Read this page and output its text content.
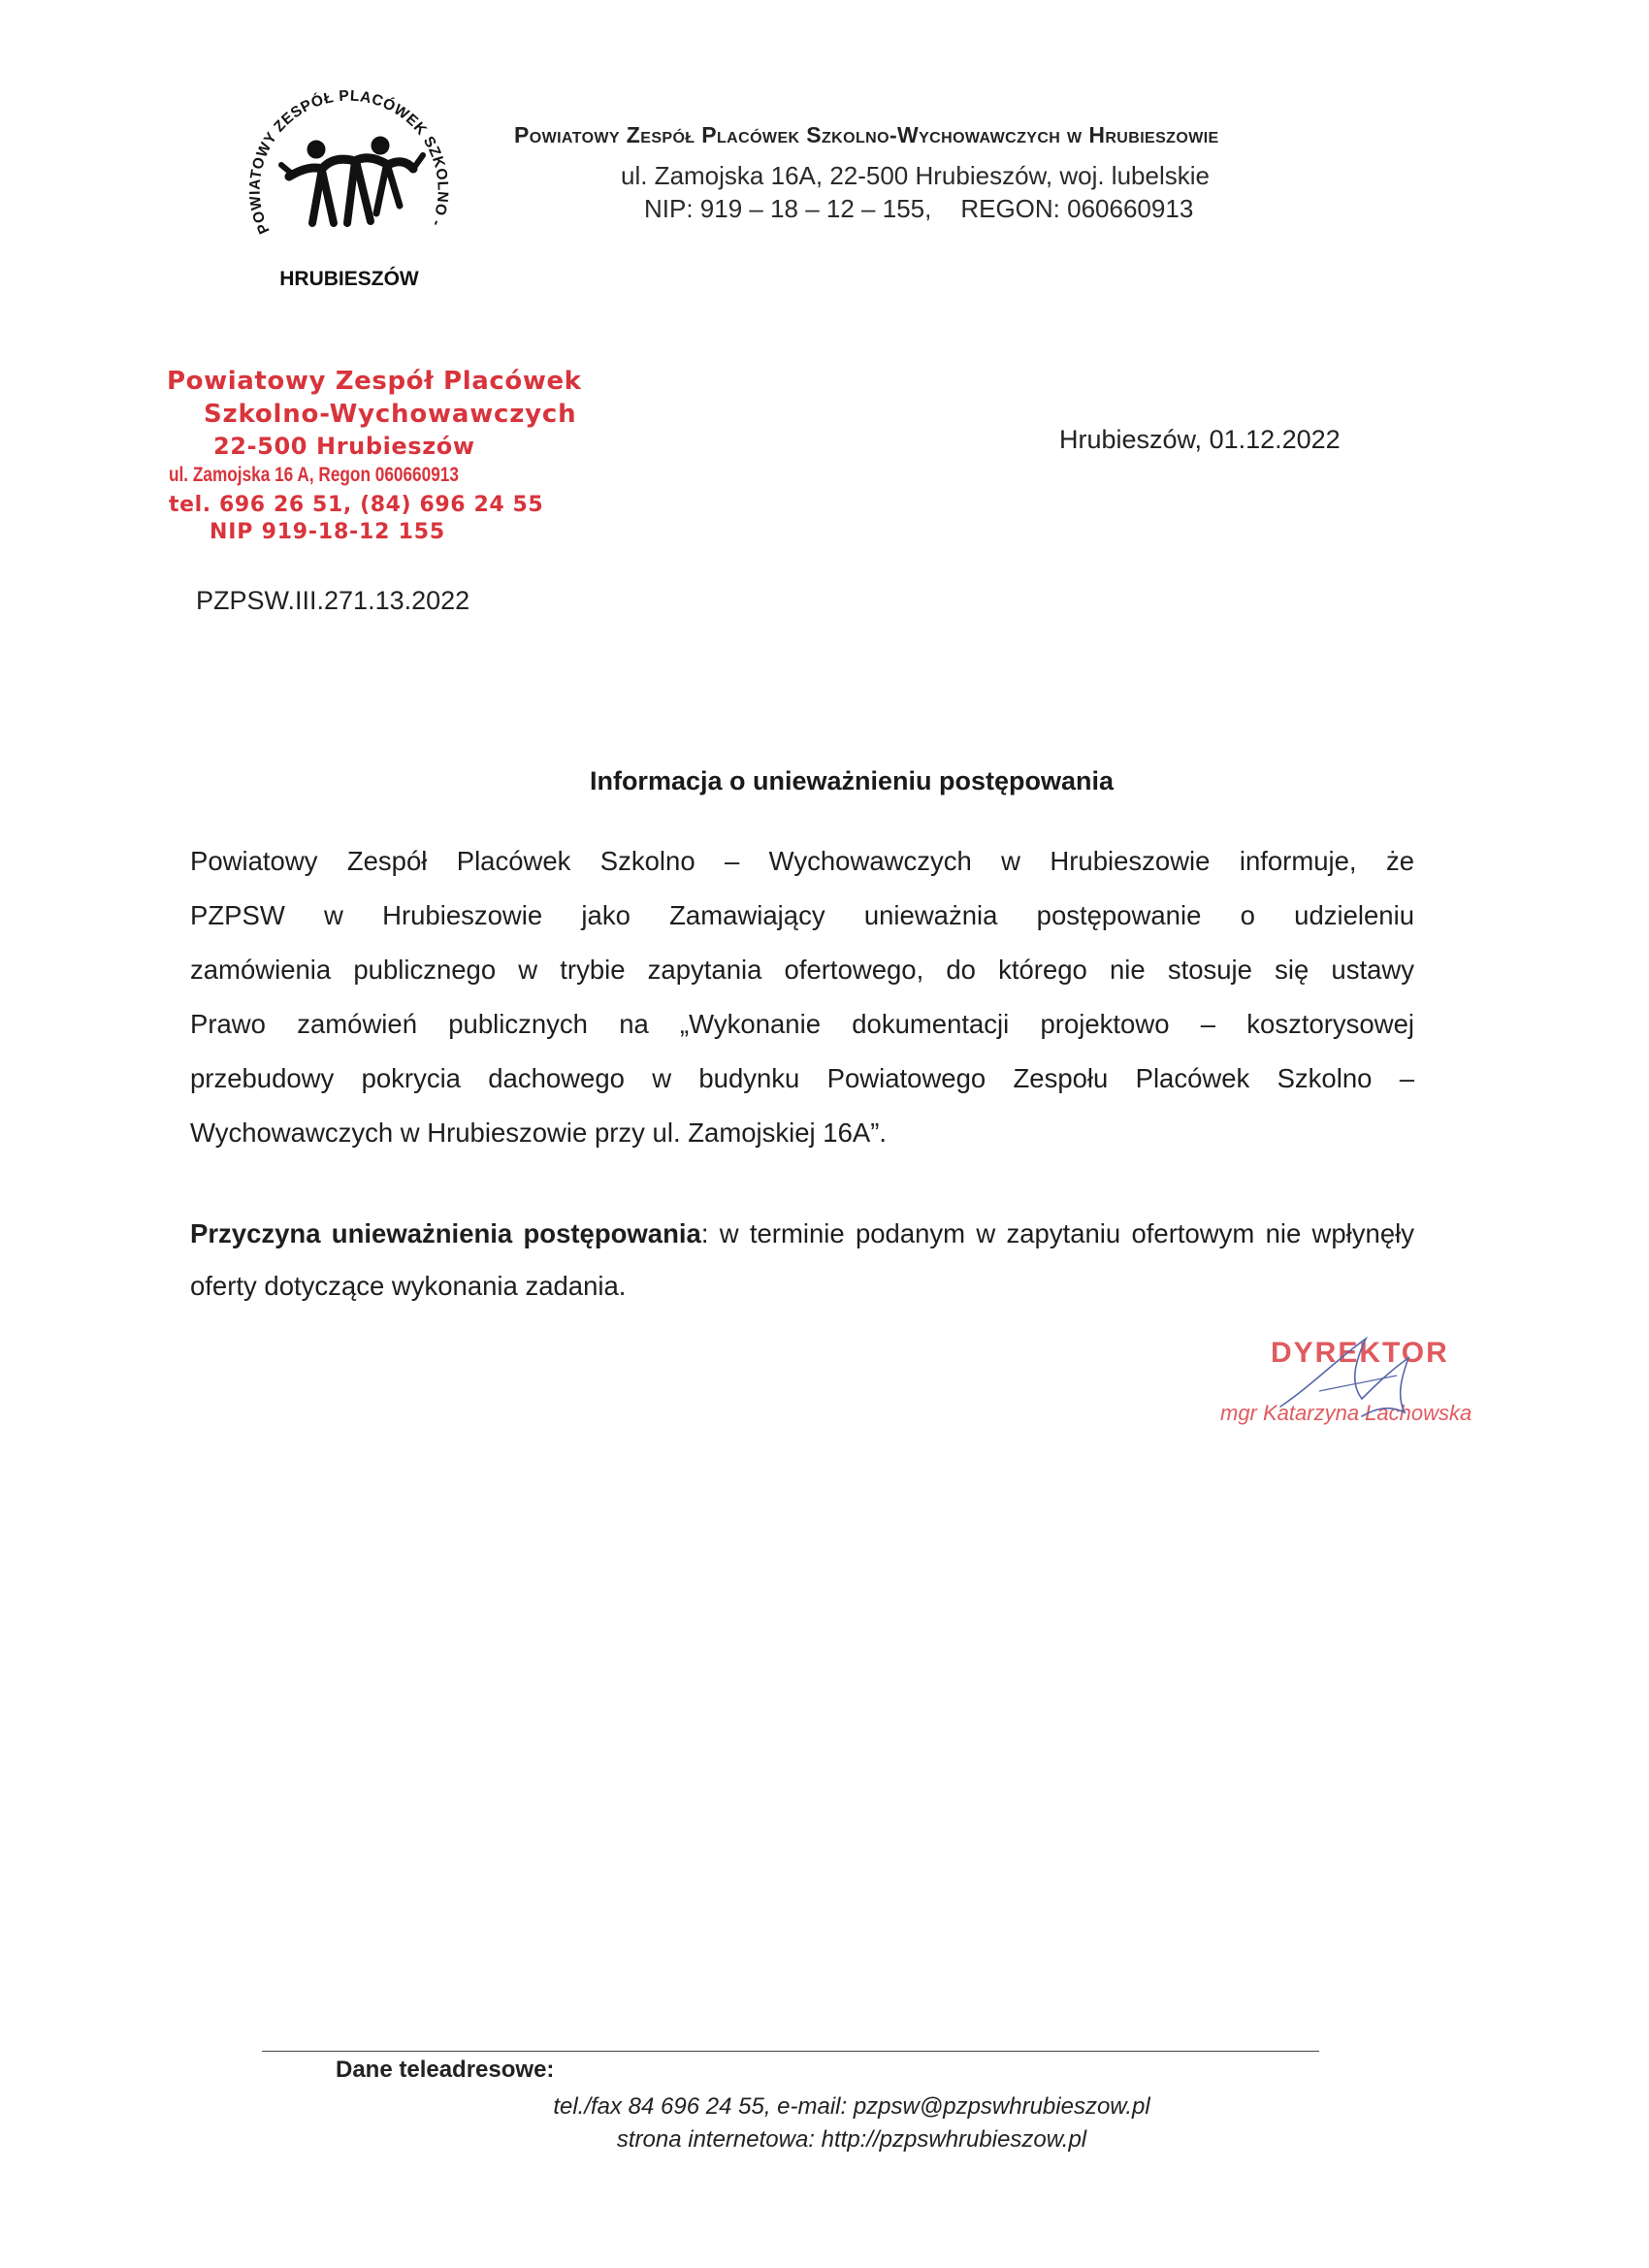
POWIATOWY ZESPÓŁ PLACÓWEK SZKOLNO -
HRUBIESZÓW
Powiatowy Zespół Placówek Szkolno-Wychowawczych w Hrubieszowie
ul. Zamojska 16A, 22-500 Hrubieszów, woj. lubelskie
NIP: 919 – 18 – 12 – 155, REGON: 060660913
Powiatowy Zespół Placówek
Szkolno-Wychowawczych
22-500 Hrubieszów
ul. Zamojska 16 A, Regon 060660913
tel. 696 26 51, (84) 696 24 55
NIP 919-18-12 155
Hrubieszów, 01.12.2022
PZPSW.III.271.13.2022
Informacja o unieważnieniu postępowania
Powiatowy Zespół Placówek Szkolno – Wychowawczych w Hrubieszowie informuje, że
PZPSW w Hrubieszowie jako Zamawiający unieważnia postępowanie o udzieleniu
zamówienia publicznego w trybie zapytania ofertowego, do którego nie stosuje się ustawy
Prawo zamówień publicznych na „Wykonanie dokumentacji projektowo – kosztorysowej
przebudowy pokrycia dachowego w budynku Powiatowego Zespołu Placówek Szkolno –
Wychowawczych w Hrubieszowie przy ul. Zamojskiej 16A”.
Przyczyna unieważnienia postępowania: w terminie podanym w zapytaniu ofertowym nie wpłynęły
oferty dotyczące wykonania zadania.
DYREKTOR
mgr Katarzyna Lachowska
Dane teleadresowe:
tel./fax 84 696 24 55, e-mail: pzpsw@pzpswhrubieszow.pl
strona internetowa: http://pzpswhrubieszow.pl
